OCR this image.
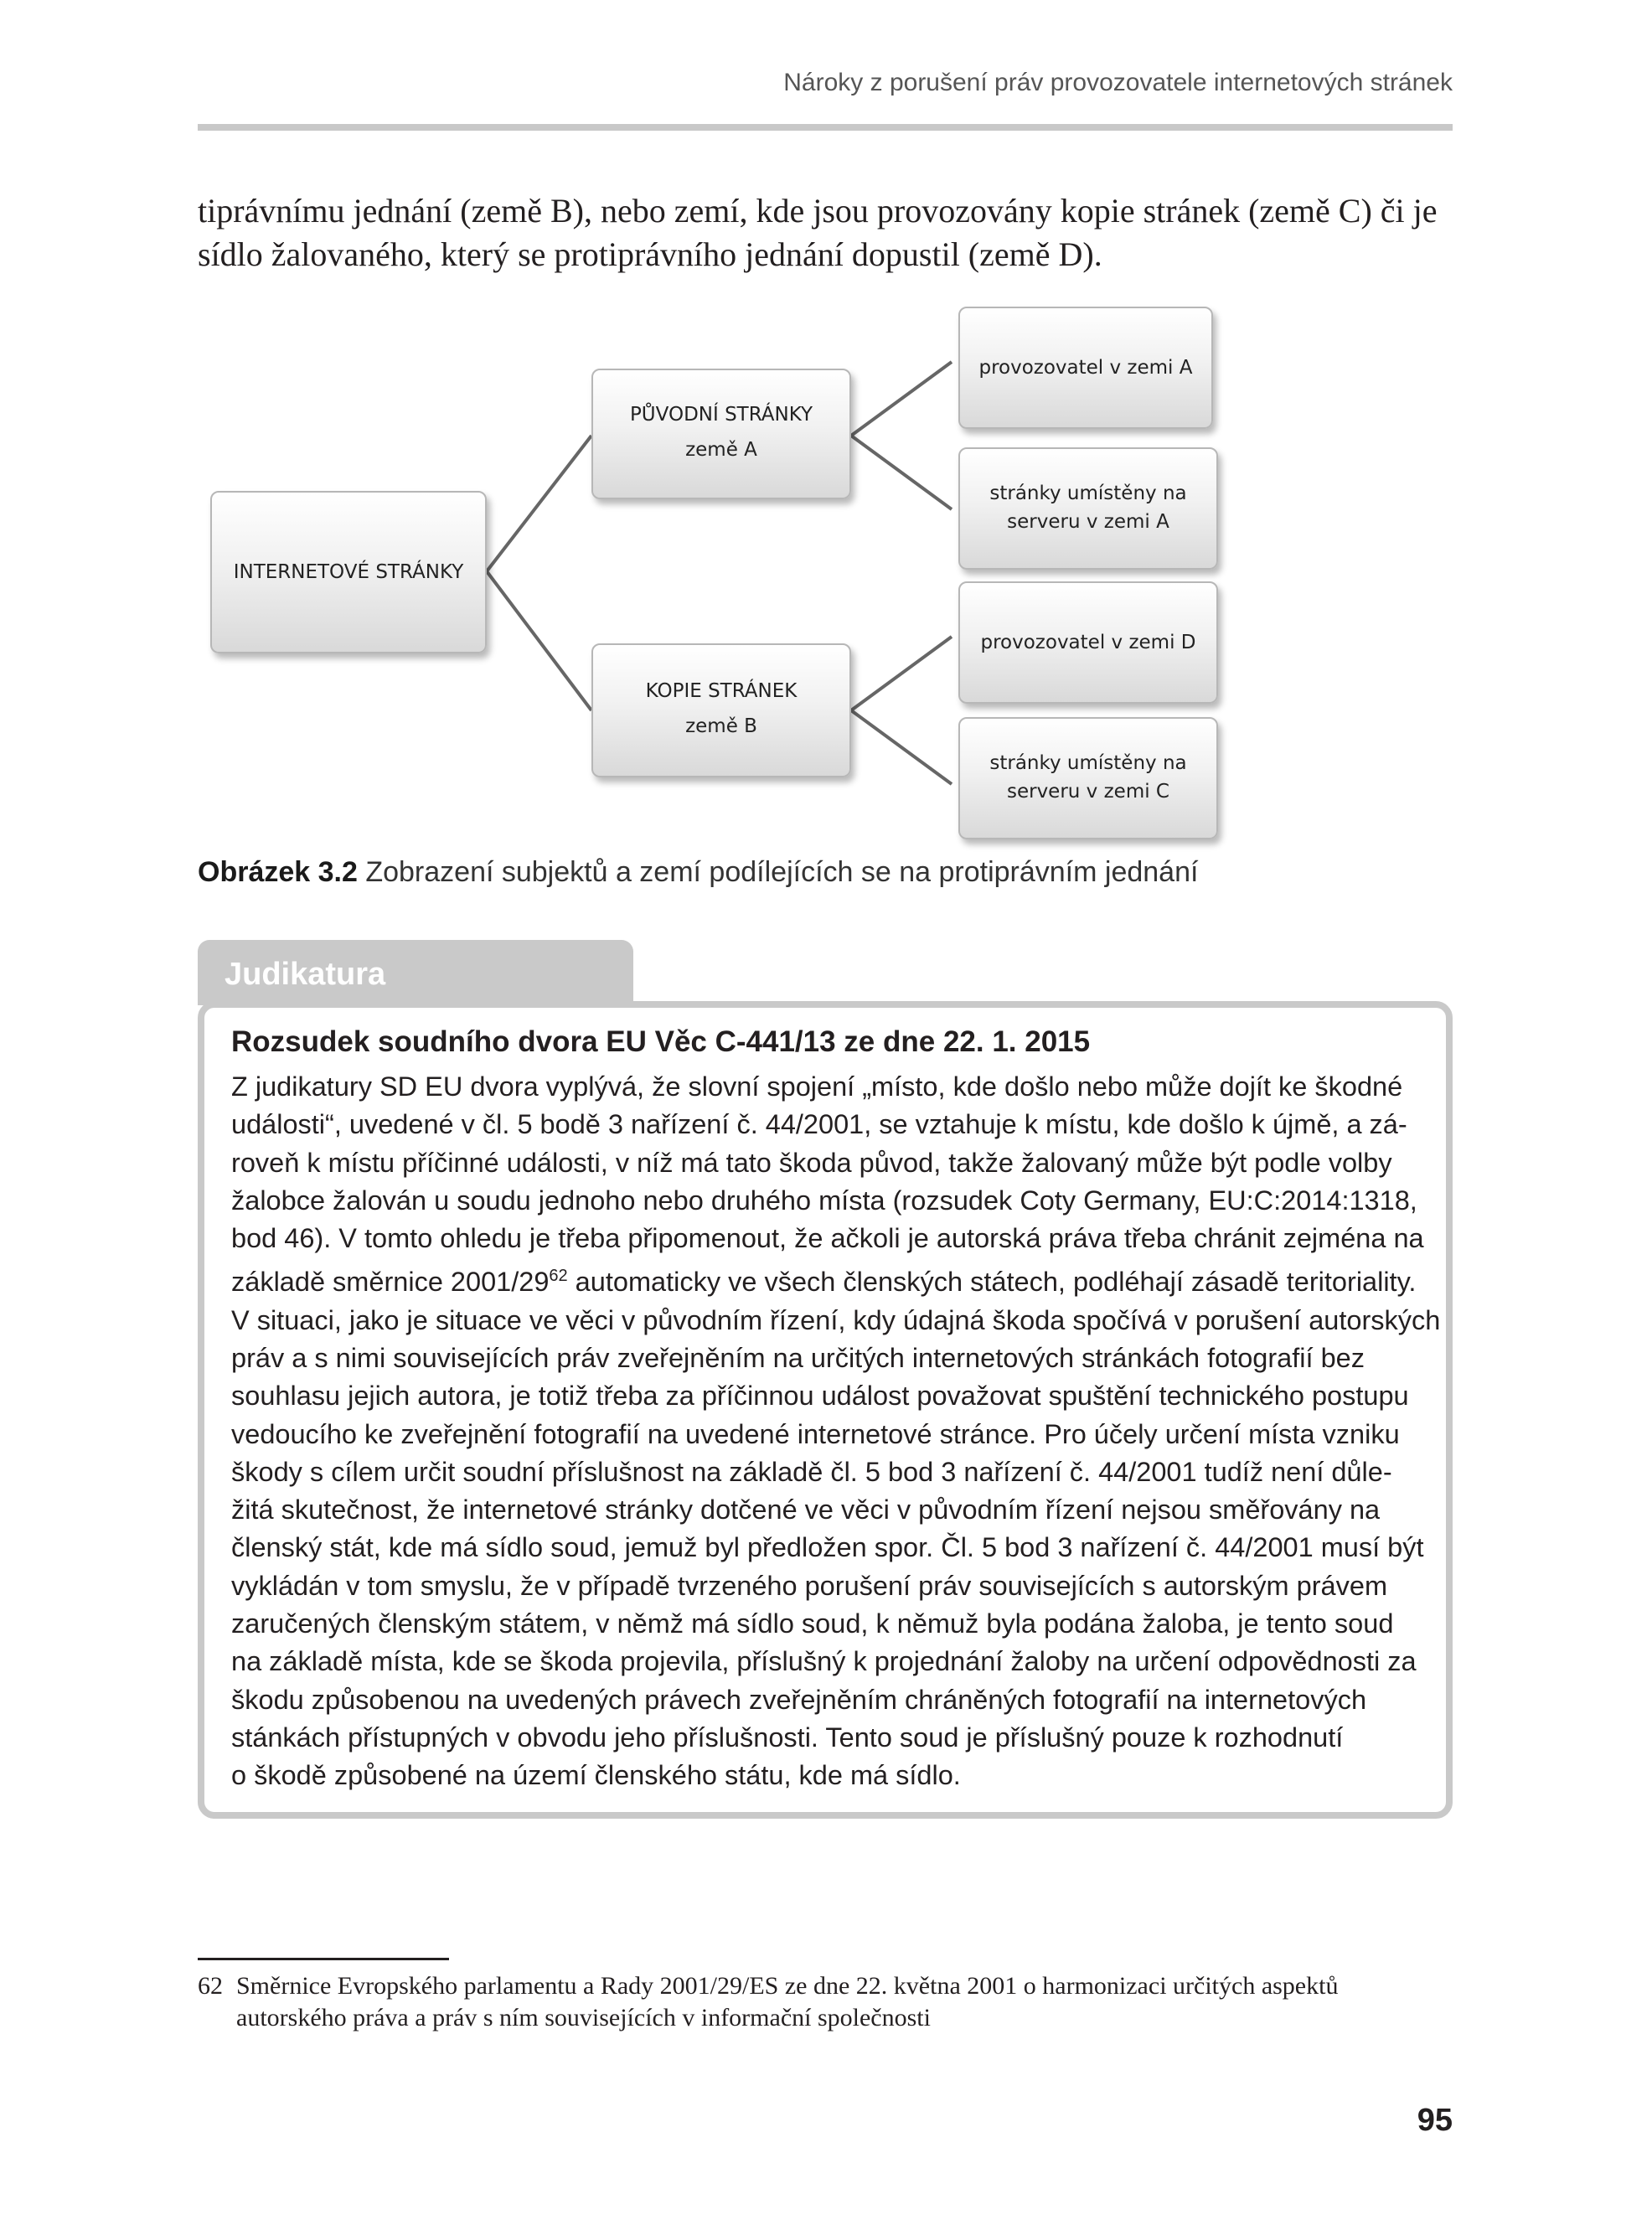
Nároky z porušení práv provozovatele internetových stránek
tiprávnímu jednání (země B), nebo zemí, kde jsou provozovány kopie stránek (země C) či je
sídlo žalovaného, který se protiprávního jednání dopustil (země D).
INTERNETOVÉ STRÁNKY
PŮVODNÍ STRÁNKY
země A
KOPIE STRÁNEK
země B
provozovatel v zemi A
stránky umístěny na
serveru v zemi A
provozovatel v zemi D
stránky umístěny na
serveru v zemi C
Obrázek 3.2 Zobrazení subjektů a zemí podílejících se na protiprávním jednání
Judikatura
Rozsudek soudního dvora EU Věc C-441/13 ze dne 22. 1. 2015
Z judikatury SD EU dvora vyplývá, že slovní spojení „místo, kde došlo nebo může dojít ke škodné
události“, uvedené v čl. 5 bodě 3 nařízení č. 44/2001, se vztahuje k místu, kde došlo k újmě, a zá-
roveň k místu příčinné události, v níž má tato škoda původ, takže žalovaný může být podle volby
žalobce žalován u soudu jednoho nebo druhého místa (rozsudek Coty Germany, EU:C:2014:1318,
bod 46). V tomto ohledu je třeba připomenout, že ačkoli je autorská práva třeba chránit zejména na
základě směrnice $2001/29^{62}$ automaticky ve všech členských státech, podléhají zásadě teritoriality.
V situaci, jako je situace ve věci v původním řízení, kdy údajná škoda spočívá v porušení autorských
práv a s nimi souvisejících práv zveřejněním na určitých internetových stránkách fotografií bez
souhlasu jejich autora, je totiž třeba za příčinnou událost považovat spuštění technického postupu
vedoucího ke zveřejnění fotografií na uvedené internetové stránce. Pro účely určení místa vzniku
škody s cílem určit soudní příslušnost na základě čl. 5 bod 3 nařízení č. 44/2001 tudíž není důle-
žitá skutečnost, že internetové stránky dotčené ve věci v původním řízení nejsou směřovány na
členský stát, kde má sídlo soud, jemuž byl předložen spor. Čl. 5 bod 3 nařízení č. 44/2001 musí být
vykládán v tom smyslu, že v případě tvrzeného porušení práv souvisejících s autorským právem
zaručených členským státem, v němž má sídlo soud, k němuž byla podána žaloba, je tento soud
na základě místa, kde se škoda projevila, příslušný k projednání žaloby na určení odpovědnosti za
škodu způsobenou na uvedených právech zveřejněním chráněných fotografií na internetových
stánkách přístupných v obvodu jeho příslušnosti. Tento soud je příslušný pouze k rozhodnutí
o škodě způsobené na území členského státu, kde má sídlo.
62 Směrnice Evropského parlamentu a Rady 2001/29/ES ze dne 22. května 2001 o harmonizaci určitých aspektů
autorského práva a práv s ním souvisejících v informační společnosti
95
